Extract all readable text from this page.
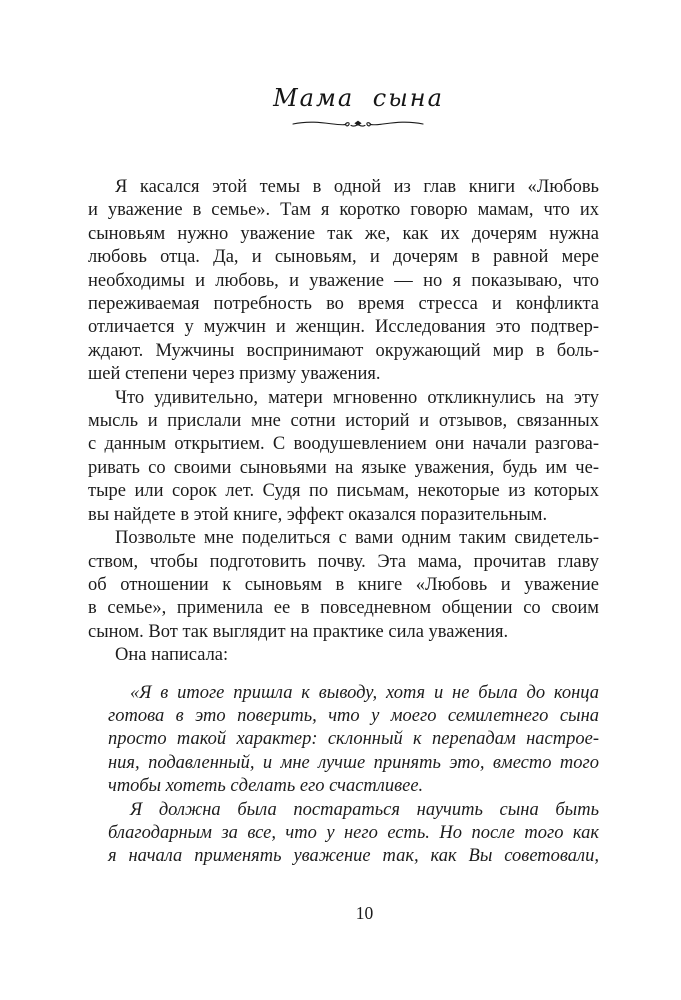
Мама сына
Я касался этой темы в одной из глав книги «Любовь
и уважение в семье». Там я коротко говорю мамам, что их
сыновьям нужно уважение так же, как их дочерям нужна
любовь отца. Да, и сыновьям, и дочерям в равной мере
необходимы и любовь, и уважение — но я показываю, что
переживаемая потребность во время стресса и конфликта
отличается у мужчин и женщин. Исследования это подтвер-
ждают. Мужчины воспринимают окружающий мир в боль-
шей степени через призму уважения.
Что удивительно, матери мгновенно откликнулись на эту
мысль и прислали мне сотни историй и отзывов, связанных
с данным открытием. С воодушевлением они начали разгова-
ривать со своими сыновьями на языке уважения, будь им че-
тыре или сорок лет. Судя по письмам, некоторые из которых
вы найдете в этой книге, эффект оказался поразительным.
Позвольте мне поделиться с вами одним таким свидетель-
ством, чтобы подготовить почву. Эта мама, прочитав главу
об отношении к сыновьям в книге «Любовь и уважение
в семье», применила ее в повседневном общении со своим
сыном. Вот так выглядит на практике сила уважения.
Она написала:
«Я в итоге пришла к выводу, хотя и не была до конца
готова в это поверить, что у моего семилетнего сына
просто такой характер: склонный к перепадам настрое-
ния, подавленный, и мне лучше принять это, вместо того
чтобы хотеть сделать его счастливее.
Я должна была постараться научить сына быть
благодарным за все, что у него есть. Но после того как
я начала применять уважение так, как Вы советовали,
10
